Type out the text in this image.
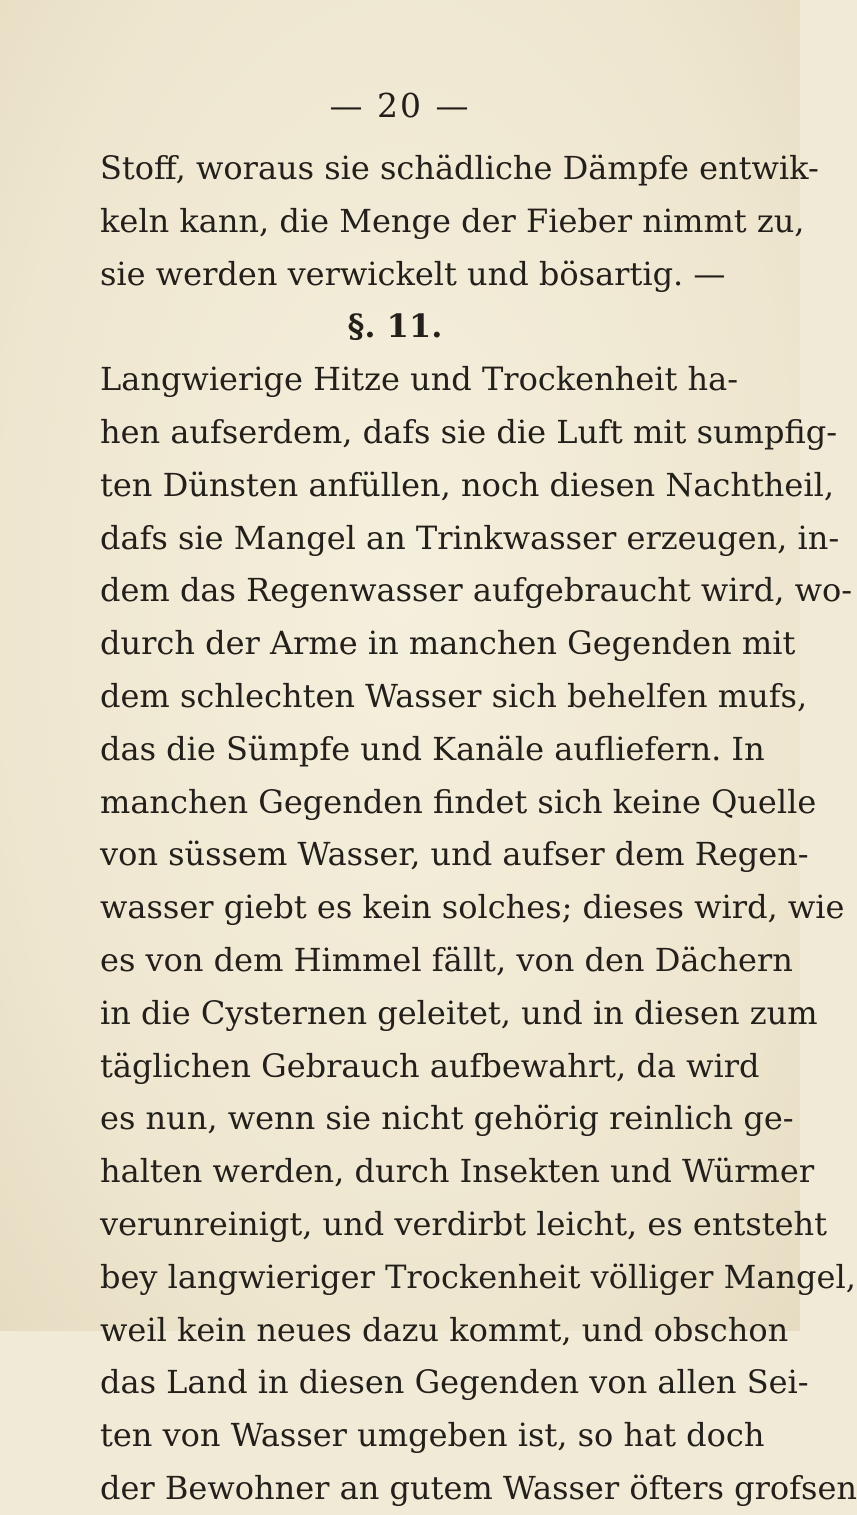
— 20 —
Stoff, woraus sie schädliche Dämpfe entwik-
keln kann, die Menge der Fieber nimmt zu,
sie werden verwickelt und bösartig. —
§. 11.
Langwierige Hitze und Trockenheit ha-
hen aufserdem, dafs sie die Luft mit sumpfig-
ten Dünsten anfüllen, noch diesen Nachtheil,
dafs sie Mangel an Trinkwasser erzeugen, in-
dem das Regenwasser aufgebraucht wird, wo-
durch der Arme in manchen Gegenden mit
dem schlechten Wasser sich behelfen mufs,
das die Sümpfe und Kanäle aufliefern. In
manchen Gegenden findet sich keine Quelle
von süssem Wasser, und aufser dem Regen-
wasser giebt es kein solches; dieses wird, wie
es von dem Himmel fällt, von den Dächern
in die Cysternen geleitet, und in diesen zum
täglichen Gebrauch aufbewahrt, da wird
es nun, wenn sie nicht gehörig reinlich ge-
halten werden, durch Insekten und Würmer
verunreinigt, und verdirbt leicht, es entsteht
bey langwieriger Trockenheit völliger Mangel,
weil kein neues dazu kommt, und obschon
das Land in diesen Gegenden von allen Sei-
ten von Wasser umgeben ist, so hat doch
der Bewohner an gutem Wasser öfters grofsen
